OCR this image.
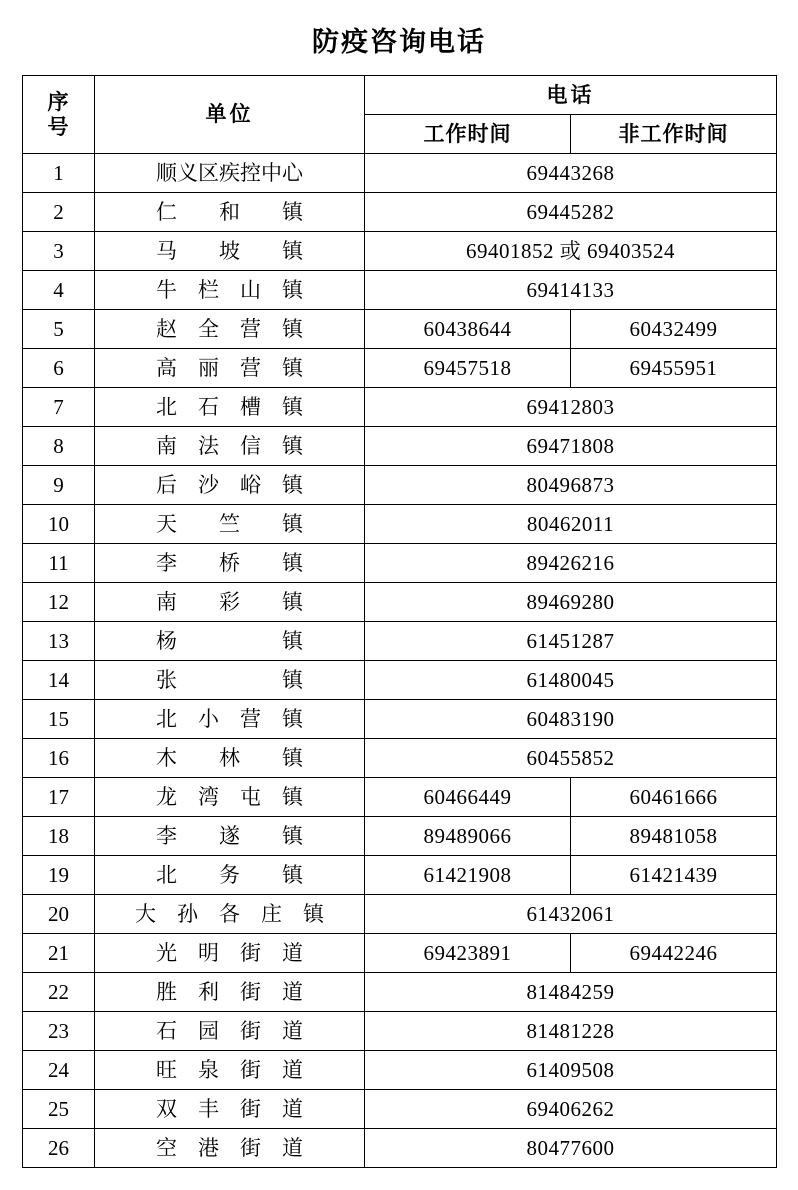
防疫咨询电话
序
号	单位	电话	
		工作时间	非工作时间
1	顺义区疾控中心	69443268	
2	仁　　和　　镇	69445282	
3	马　　坡　　镇	69401852 或 69403524	
4	牛　栏　山　镇	69414133	
5	赵　全　营　镇	60438644	60432499
6	高　丽　营　镇	69457518	69455951
7	北　石　槽　镇	69412803	
8	南　法　信　镇	69471808	
9	后　沙　峪　镇	80496873	
10	天　　竺　　镇	80462011	
11	李　　桥　　镇	89426216	
12	南　　彩　　镇	89469280	
13	杨　　　　　镇	61451287	
14	张　　　　　镇	61480045	
15	北　小　营　镇	60483190	
16	木　　林　　镇	60455852	
17	龙　湾　屯　镇	60466449	60461666
18	李　　遂　　镇	89489066	89481058
19	北　　务　　镇	61421908	61421439
20	大　孙　各　庄　镇	61432061	
21	光　明　街　道	69423891	69442246
22	胜　利　街　道	81484259	
23	石　园　街　道	81481228	
24	旺　泉　街　道	61409508	
25	双　丰　街　道	69406262	
26	空　港　街　道	80477600	
